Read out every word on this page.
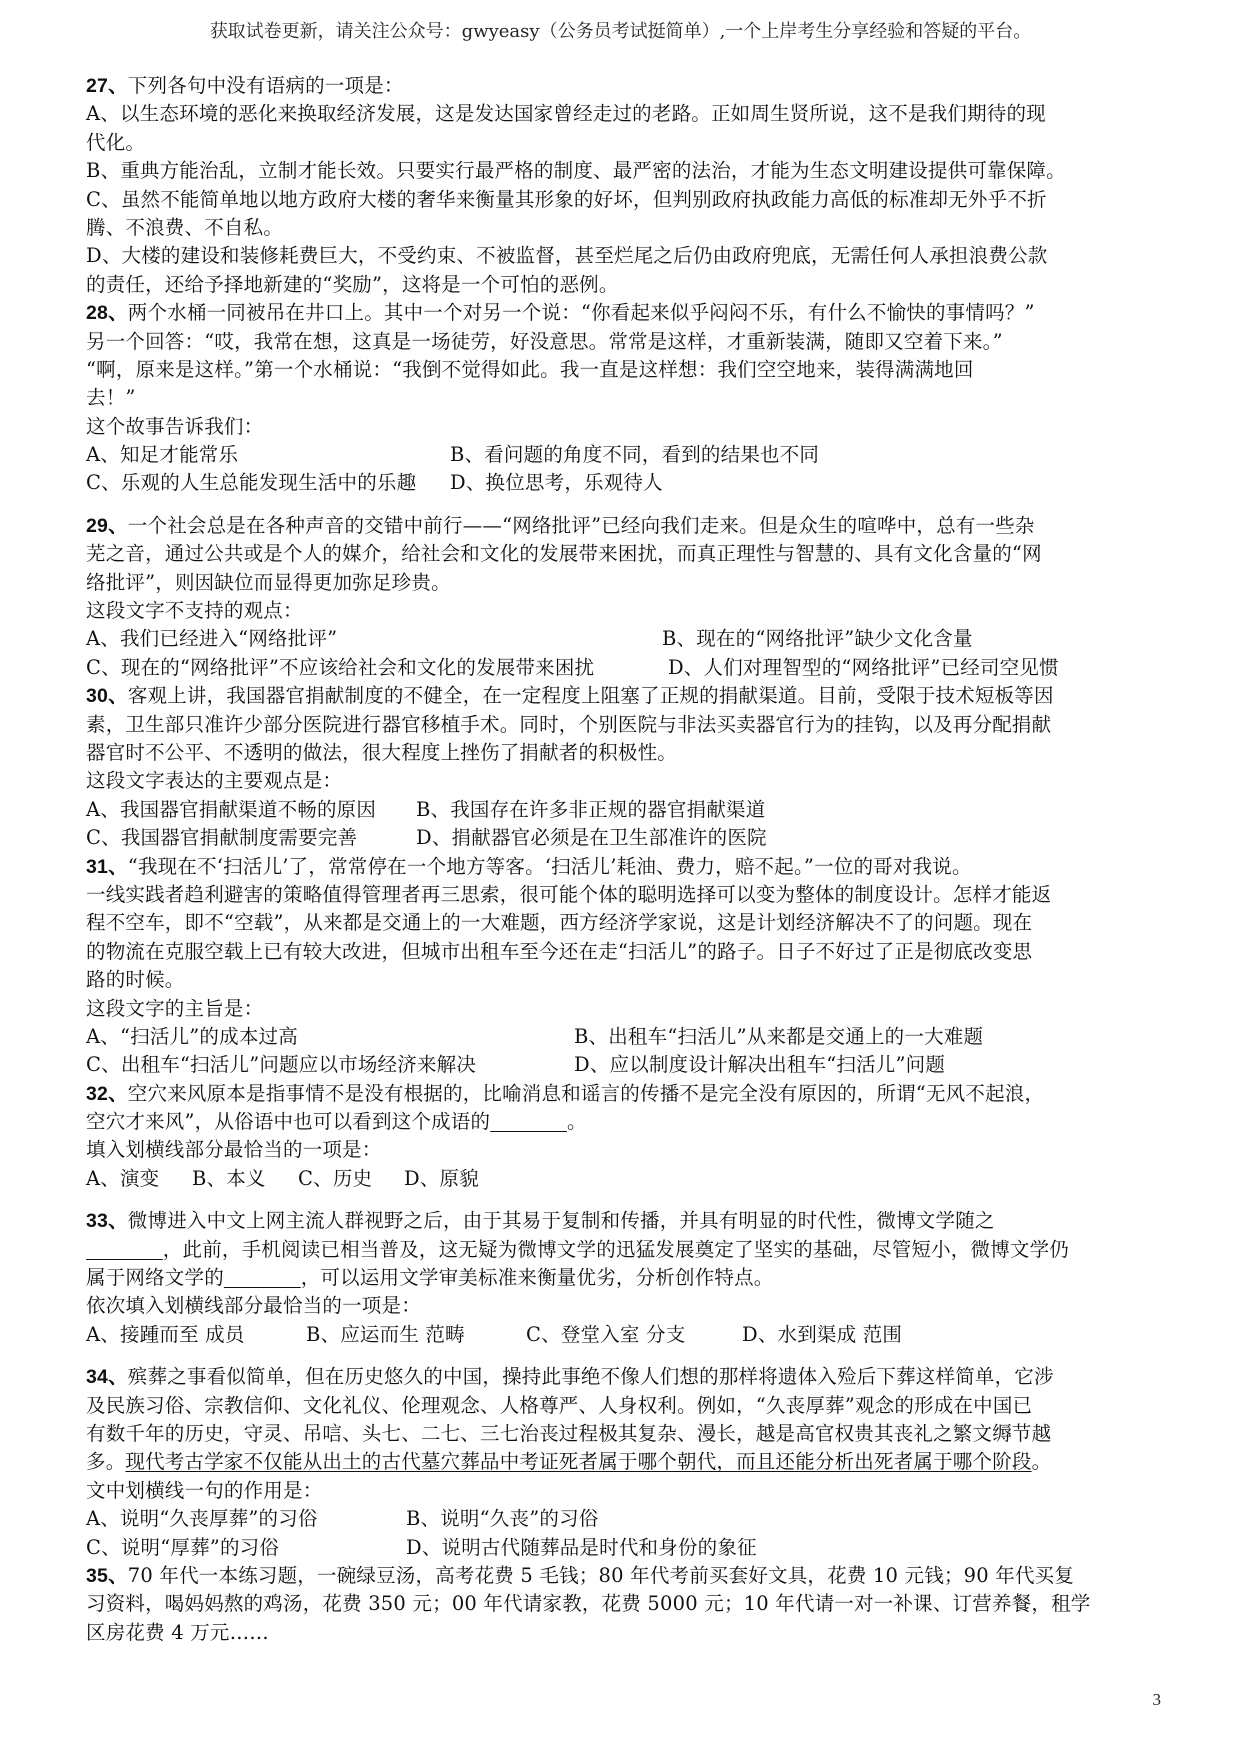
获取试卷更新，请关注公众号：gwyeasy（公务员考试挺简单）,一个上岸考生分享经验和答疑的平台。
27、下列各句中没有语病的一项是：
A、以生态环境的恶化来换取经济发展，这是发达国家曾经走过的老路。正如周生贤所说，这不是我们期待的现
代化。
B、重典方能治乱，立制才能长效。只要实行最严格的制度、最严密的法治，才能为生态文明建设提供可靠保障。
C、虽然不能简单地以地方政府大楼的奢华来衡量其形象的好坏，但判别政府执政能力高低的标准却无外乎不折
腾、不浪费、不自私。
D、大楼的建设和装修耗费巨大，不受约束、不被监督，甚至烂尾之后仍由政府兜底，无需任何人承担浪费公款
的责任，还给予择地新建的“奖励”，这将是一个可怕的恶例。
28、两个水桶一同被吊在井口上。其中一个对另一个说：“你看起来似乎闷闷不乐，有什么不愉快的事情吗？”
另一个回答：“哎，我常在想，这真是一场徒劳，好没意思。常常是这样，才重新装满，随即又空着下来。”
“啊，原来是这样。”第一个水桶说：“我倒不觉得如此。我一直是这样想：我们空空地来，装得满满地回
去！”
这个故事告诉我们：
A、知足才能常乐	B、看问题的角度不同，看到的结果也不同
C、乐观的人生总能发现生活中的乐趣	D、换位思考，乐观待人
29、一个社会总是在各种声音的交错中前行——“网络批评”已经向我们走来。但是众生的喧哗中，总有一些杂
芜之音，通过公共或是个人的媒介，给社会和文化的发展带来困扰，而真正理性与智慧的、具有文化含量的“网
络批评”，则因缺位而显得更加弥足珍贵。
这段文字不支持的观点：
A、我们已经进入“网络批评”	B、现在的“网络批评”缺少文化含量
C、现在的“网络批评”不应该给社会和文化的发展带来困扰	D、人们对理智型的“网络批评”已经司空见惯
30、客观上讲，我国器官捐献制度的不健全，在一定程度上阻塞了正规的捐献渠道。目前，受限于技术短板等因
素，卫生部只准许少部分医院进行器官移植手术。同时，个别医院与非法买卖器官行为的挂钩，以及再分配捐献
器官时不公平、不透明的做法，很大程度上挫伤了捐献者的积极性。
这段文字表达的主要观点是：
A、我国器官捐献渠道不畅的原因	B、我国存在许多非正规的器官捐献渠道
C、我国器官捐献制度需要完善	D、捐献器官必须是在卫生部准许的医院
31、“我现在不‘扫活儿’了，常常停在一个地方等客。‘扫活儿’耗油、费力，赔不起。”一位的哥对我说。
一线实践者趋利避害的策略值得管理者再三思索，很可能个体的聪明选择可以变为整体的制度设计。怎样才能返
程不空车，即不“空载”，从来都是交通上的一大难题，西方经济学家说，这是计划经济解决不了的问题。现在
的物流在克服空载上已有较大改进，但城市出租车至今还在走“扫活儿”的路子。日子不好过了正是彻底改变思
路的时候。
这段文字的主旨是：
A、“扫活儿”的成本过高	B、出租车“扫活儿”从来都是交通上的一大难题
C、出租车“扫活儿”问题应以市场经济来解决	D、应以制度设计解决出租车“扫活儿”问题
32、空穴来风原本是指事情不是没有根据的，比喻消息和谣言的传播不是完全没有原因的，所谓“无风不起浪，
空穴才来风”，从俗语中也可以看到这个成语的	。
填入划横线部分最恰当的一项是：
A、演变	B、本义	C、历史	D、原貌
33、微博进入中文上网主流人群视野之后，由于其易于复制和传播，并具有明显的时代性，微博文学随之
，此前，手机阅读已相当普及，这无疑为微博文学的迅猛发展奠定了坚实的基础，尽管短小，微博文学仍
属于网络文学的	，可以运用文学审美标准来衡量优劣，分析创作特点。
依次填入划横线部分最恰当的一项是：
A、接踵而至 成员	B、应运而生 范畴	C、登堂入室 分支	D、水到渠成 范围
34、殡葬之事看似简单，但在历史悠久的中国，操持此事绝不像人们想的那样将遗体入殓后下葬这样简单，它涉
及民族习俗、宗教信仰、文化礼仪、伦理观念、人格尊严、人身权利。例如，“久丧厚葬”观念的形成在中国已
有数千年的历史，守灵、吊唁、头七、二七、三七治丧过程极其复杂、漫长，越是高官权贵其丧礼之繁文缛节越
多。现代考古学家不仅能从出土的古代墓穴葬品中考证死者属于哪个朝代，而且还能分析出死者属于哪个阶段。
文中划横线一句的作用是：
A、说明“久丧厚葬”的习俗	B、说明“久丧”的习俗
C、说明“厚葬”的习俗	D、说明古代随葬品是时代和身份的象征
35、70 年代一本练习题，一碗绿豆汤，高考花费 5 毛钱；80 年代考前买套好文具，花费 10 元钱；90 年代买复
习资料，喝妈妈熬的鸡汤，花费 350 元；00 年代请家教，花费 5000 元；10 年代请一对一补课、订营养餐，租学
区房花费 4 万元……
3
